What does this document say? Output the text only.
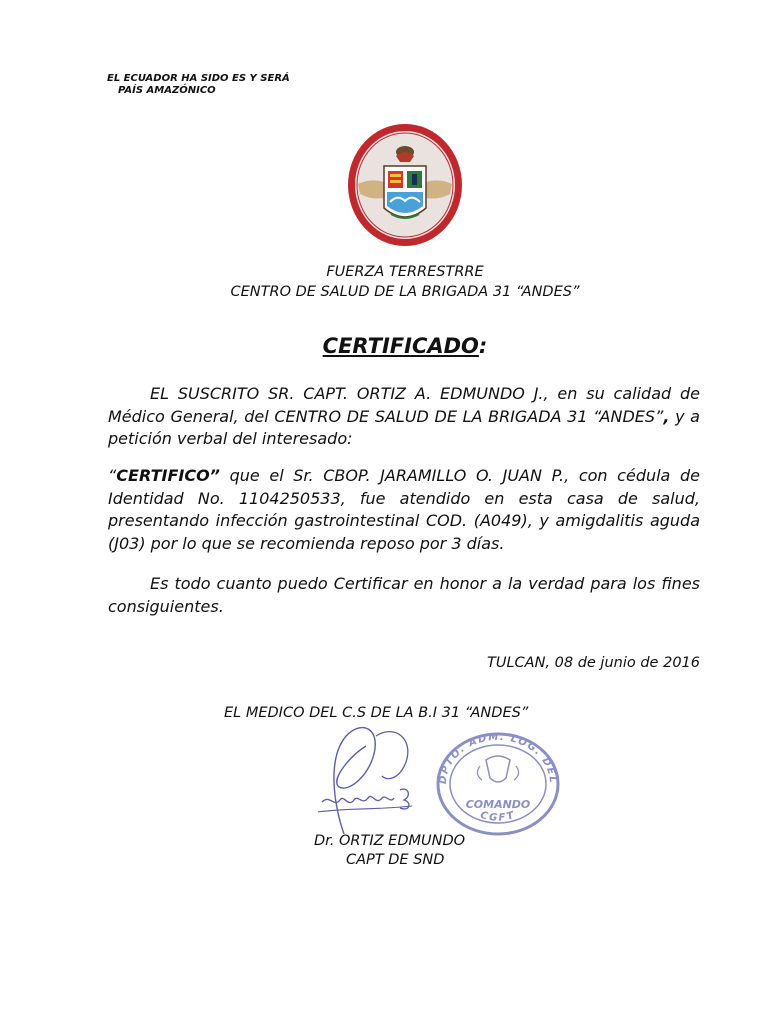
EL ECUADOR HA SIDO ES Y SERÁ
PAÍS AMAZÓNICO
FUERZA TERRESTRRE
CENTRO DE SALUD DE LA BRIGADA 31 “ANDES”
CERTIFICADO:
EL SUSCRITO SR. CAPT. ORTIZ A. EDMUNDO J., en su calidad de Médico General, del CENTRO DE SALUD DE LA BRIGADA 31 “ANDES”, y a petición verbal del interesado:
“CERTIFICO” que el Sr. CBOP. JARAMILLO O. JUAN P., con cédula de Identidad No. 1104250533, fue atendido en esta casa de salud, presentando infección gastrointestinal COD. (A049), y amigdalitis aguda (J03) por lo que se recomienda reposo por 3 días.
Es todo cuanto puedo Certificar en honor a la verdad para los fines consiguientes.
TULCAN, 08 de junio de 2016
EL MEDICO DEL C.S DE LA B.I 31 “ANDES”
DPTO. ADM. LOG. DEL
CGFT
COMANDO
Dr. ORTIZ EDMUNDO
CAPT DE SND
